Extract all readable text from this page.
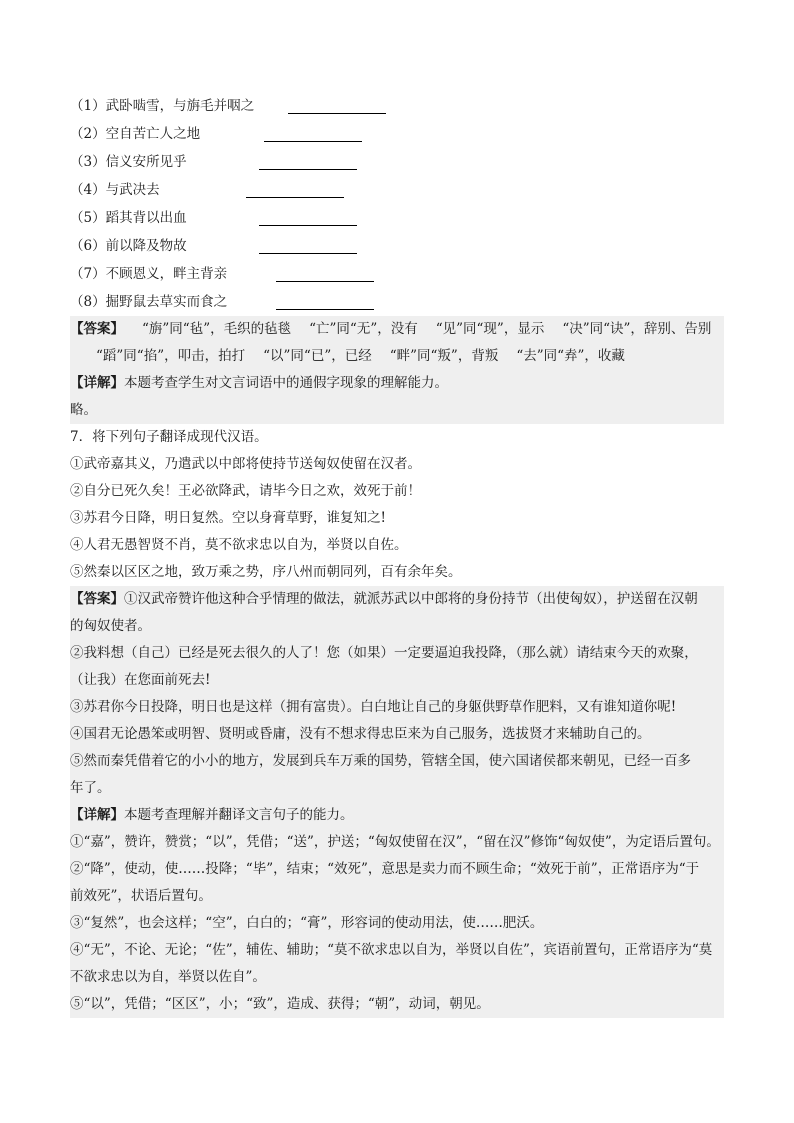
（1）武卧啮雪，与旃毛并咽之
（2）空自苦亡人之地
（3）信义安所见乎
（4）与武决去
（5）蹈其背以出血
（6）前以降及物故
（7）不顾恩义，畔主背亲
（8）掘野鼠去草实而食之
【答案】 “旃”同“毡”，毛织的毡毯 “亡”同“无”，没有 “见”同“现”，显示 “决”同“诀”，辞别、告别
“蹈”同“掐”，叩击，拍打 “以”同“已”，已经 “畔”同“叛”，背叛 “去”同“弆”，收藏
【详解】本题考查学生对文言词语中的通假字现象的理解能力。
略。
7．将下列句子翻译成现代汉语。
①武帝嘉其义，乃遣武以中郎将使持节送匈奴使留在汉者。
②自分已死久矣！王必欲降武，请毕今日之欢，效死于前！
③苏君今日降，明日复然。空以身膏草野，谁复知之!
④人君无愚智贤不肖，莫不欲求忠以自为，举贤以自佐。
⑤然秦以区区之地，致万乘之势，序八州而朝同列，百有余年矣。
【答案】①汉武帝赞许他这种合乎情理的做法，就派苏武以中郎将的身份持节（出使匈奴），护送留在汉朝
的匈奴使者。
②我料想（自己）已经是死去很久的人了！您（如果）一定要逼迫我投降，（那么就）请结束今天的欢聚，
（让我）在您面前死去!
③苏君你今日投降，明日也是这样（拥有富贵）。白白地让自己的身躯供野草作肥料，又有谁知道你呢!
④国君无论愚笨或明智、贤明或昏庸，没有不想求得忠臣来为自己服务，选拔贤才来辅助自己的。
⑤然而秦凭借着它的小小的地方，发展到兵车万乘的国势，管辖全国，使六国诸侯都来朝见，已经一百多
年了。
【详解】本题考查理解并翻译文言句子的能力。
①“嘉”，赞许，赞赏；“以”，凭借；“送”，护送；“匈奴使留在汉”，“留在汉”修饰“匈奴使”，为定语后置句。
②“降”，使动，使……投降；“毕”，结束；“效死”，意思是卖力而不顾生命；“效死于前”，正常语序为“于
前效死”，状语后置句。
③“复然”，也会这样；“空”，白白的；“膏”，形容词的使动用法，使……肥沃。
④“无”，不论、无论；“佐”，辅佐、辅助；“莫不欲求忠以自为，举贤以自佐”，宾语前置句，正常语序为“莫
不欲求忠以为自，举贤以佐自”。
⑤“以”，凭借；“区区”，小；“致”，造成、获得；“朝”，动词，朝见。
